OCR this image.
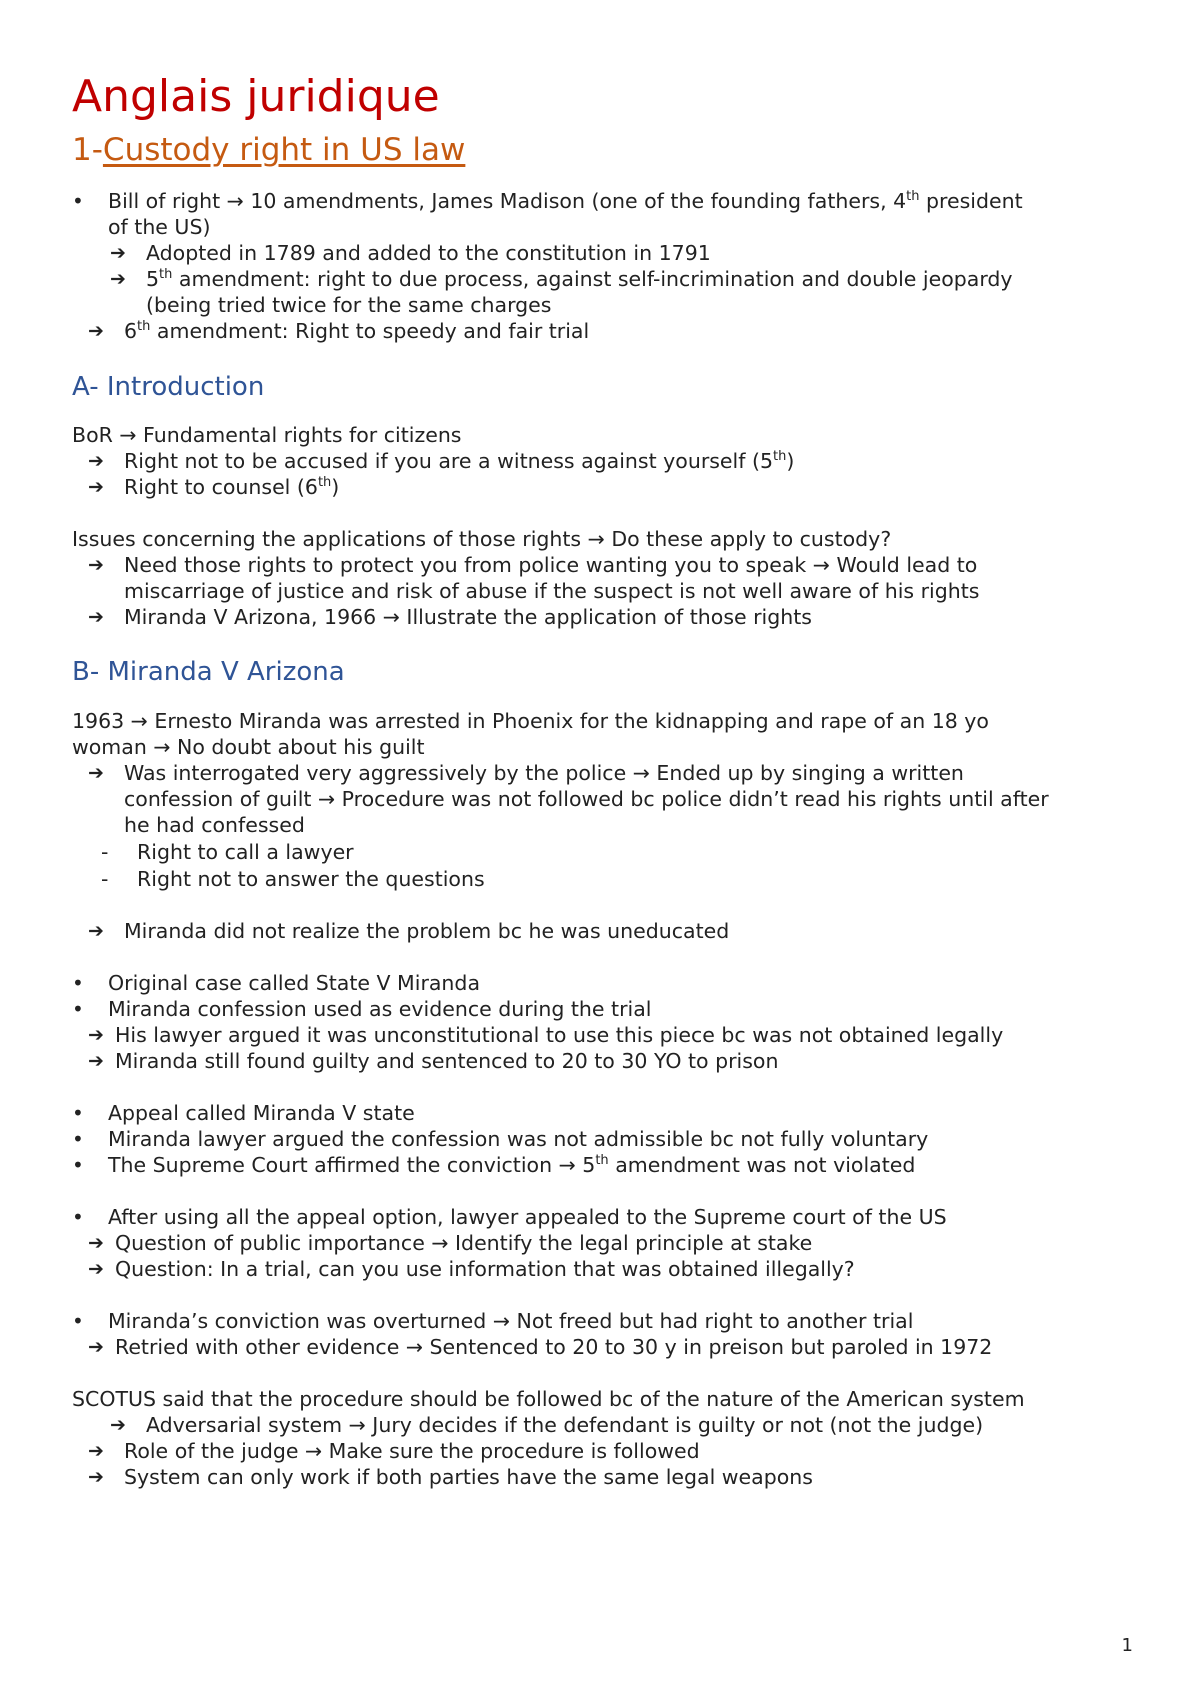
Anglais juridique
1-Custody right in US law
• Bill of right → 10 amendments, James Madison (one of the founding fathers, 4th president
of the US)
➔ Adopted in 1789 and added to the constitution in 1791
➔ 5th amendment: right to due process, against self-incrimination and double jeopardy
(being tried twice for the same charges
➔ 6th amendment: Right to speedy and fair trial
A- Introduction
BoR → Fundamental rights for citizens
➔ Right not to be accused if you are a witness against yourself (5th)
➔ Right to counsel (6th)
Issues concerning the applications of those rights → Do these apply to custody?
➔ Need those rights to protect you from police wanting you to speak → Would lead to
miscarriage of justice and risk of abuse if the suspect is not well aware of his rights
➔ Miranda V Arizona, 1966 → Illustrate the application of those rights
B- Miranda V Arizona
1963 → Ernesto Miranda was arrested in Phoenix for the kidnapping and rape of an 18 yo
woman → No doubt about his guilt
➔ Was interrogated very aggressively by the police → Ended up by singing a written
confession of guilt → Procedure was not followed bc police didn’t read his rights until after
he had confessed
- Right to call a lawyer
- Right not to answer the questions
➔ Miranda did not realize the problem bc he was uneducated
• Original case called State V Miranda
• Miranda confession used as evidence during the trial
➔ His lawyer argued it was unconstitutional to use this piece bc was not obtained legally
➔ Miranda still found guilty and sentenced to 20 to 30 YO to prison
• Appeal called Miranda V state
• Miranda lawyer argued the confession was not admissible bc not fully voluntary
• The Supreme Court affirmed the conviction → 5th amendment was not violated
• After using all the appeal option, lawyer appealed to the Supreme court of the US
➔ Question of public importance → Identify the legal principle at stake
➔ Question: In a trial, can you use information that was obtained illegally?
• Miranda’s conviction was overturned → Not freed but had right to another trial
➔ Retried with other evidence → Sentenced to 20 to 30 y in preison but paroled in 1972
SCOTUS said that the procedure should be followed bc of the nature of the American system
➔ Adversarial system → Jury decides if the defendant is guilty or not (not the judge)
➔ Role of the judge → Make sure the procedure is followed
➔ System can only work if both parties have the same legal weapons
1
